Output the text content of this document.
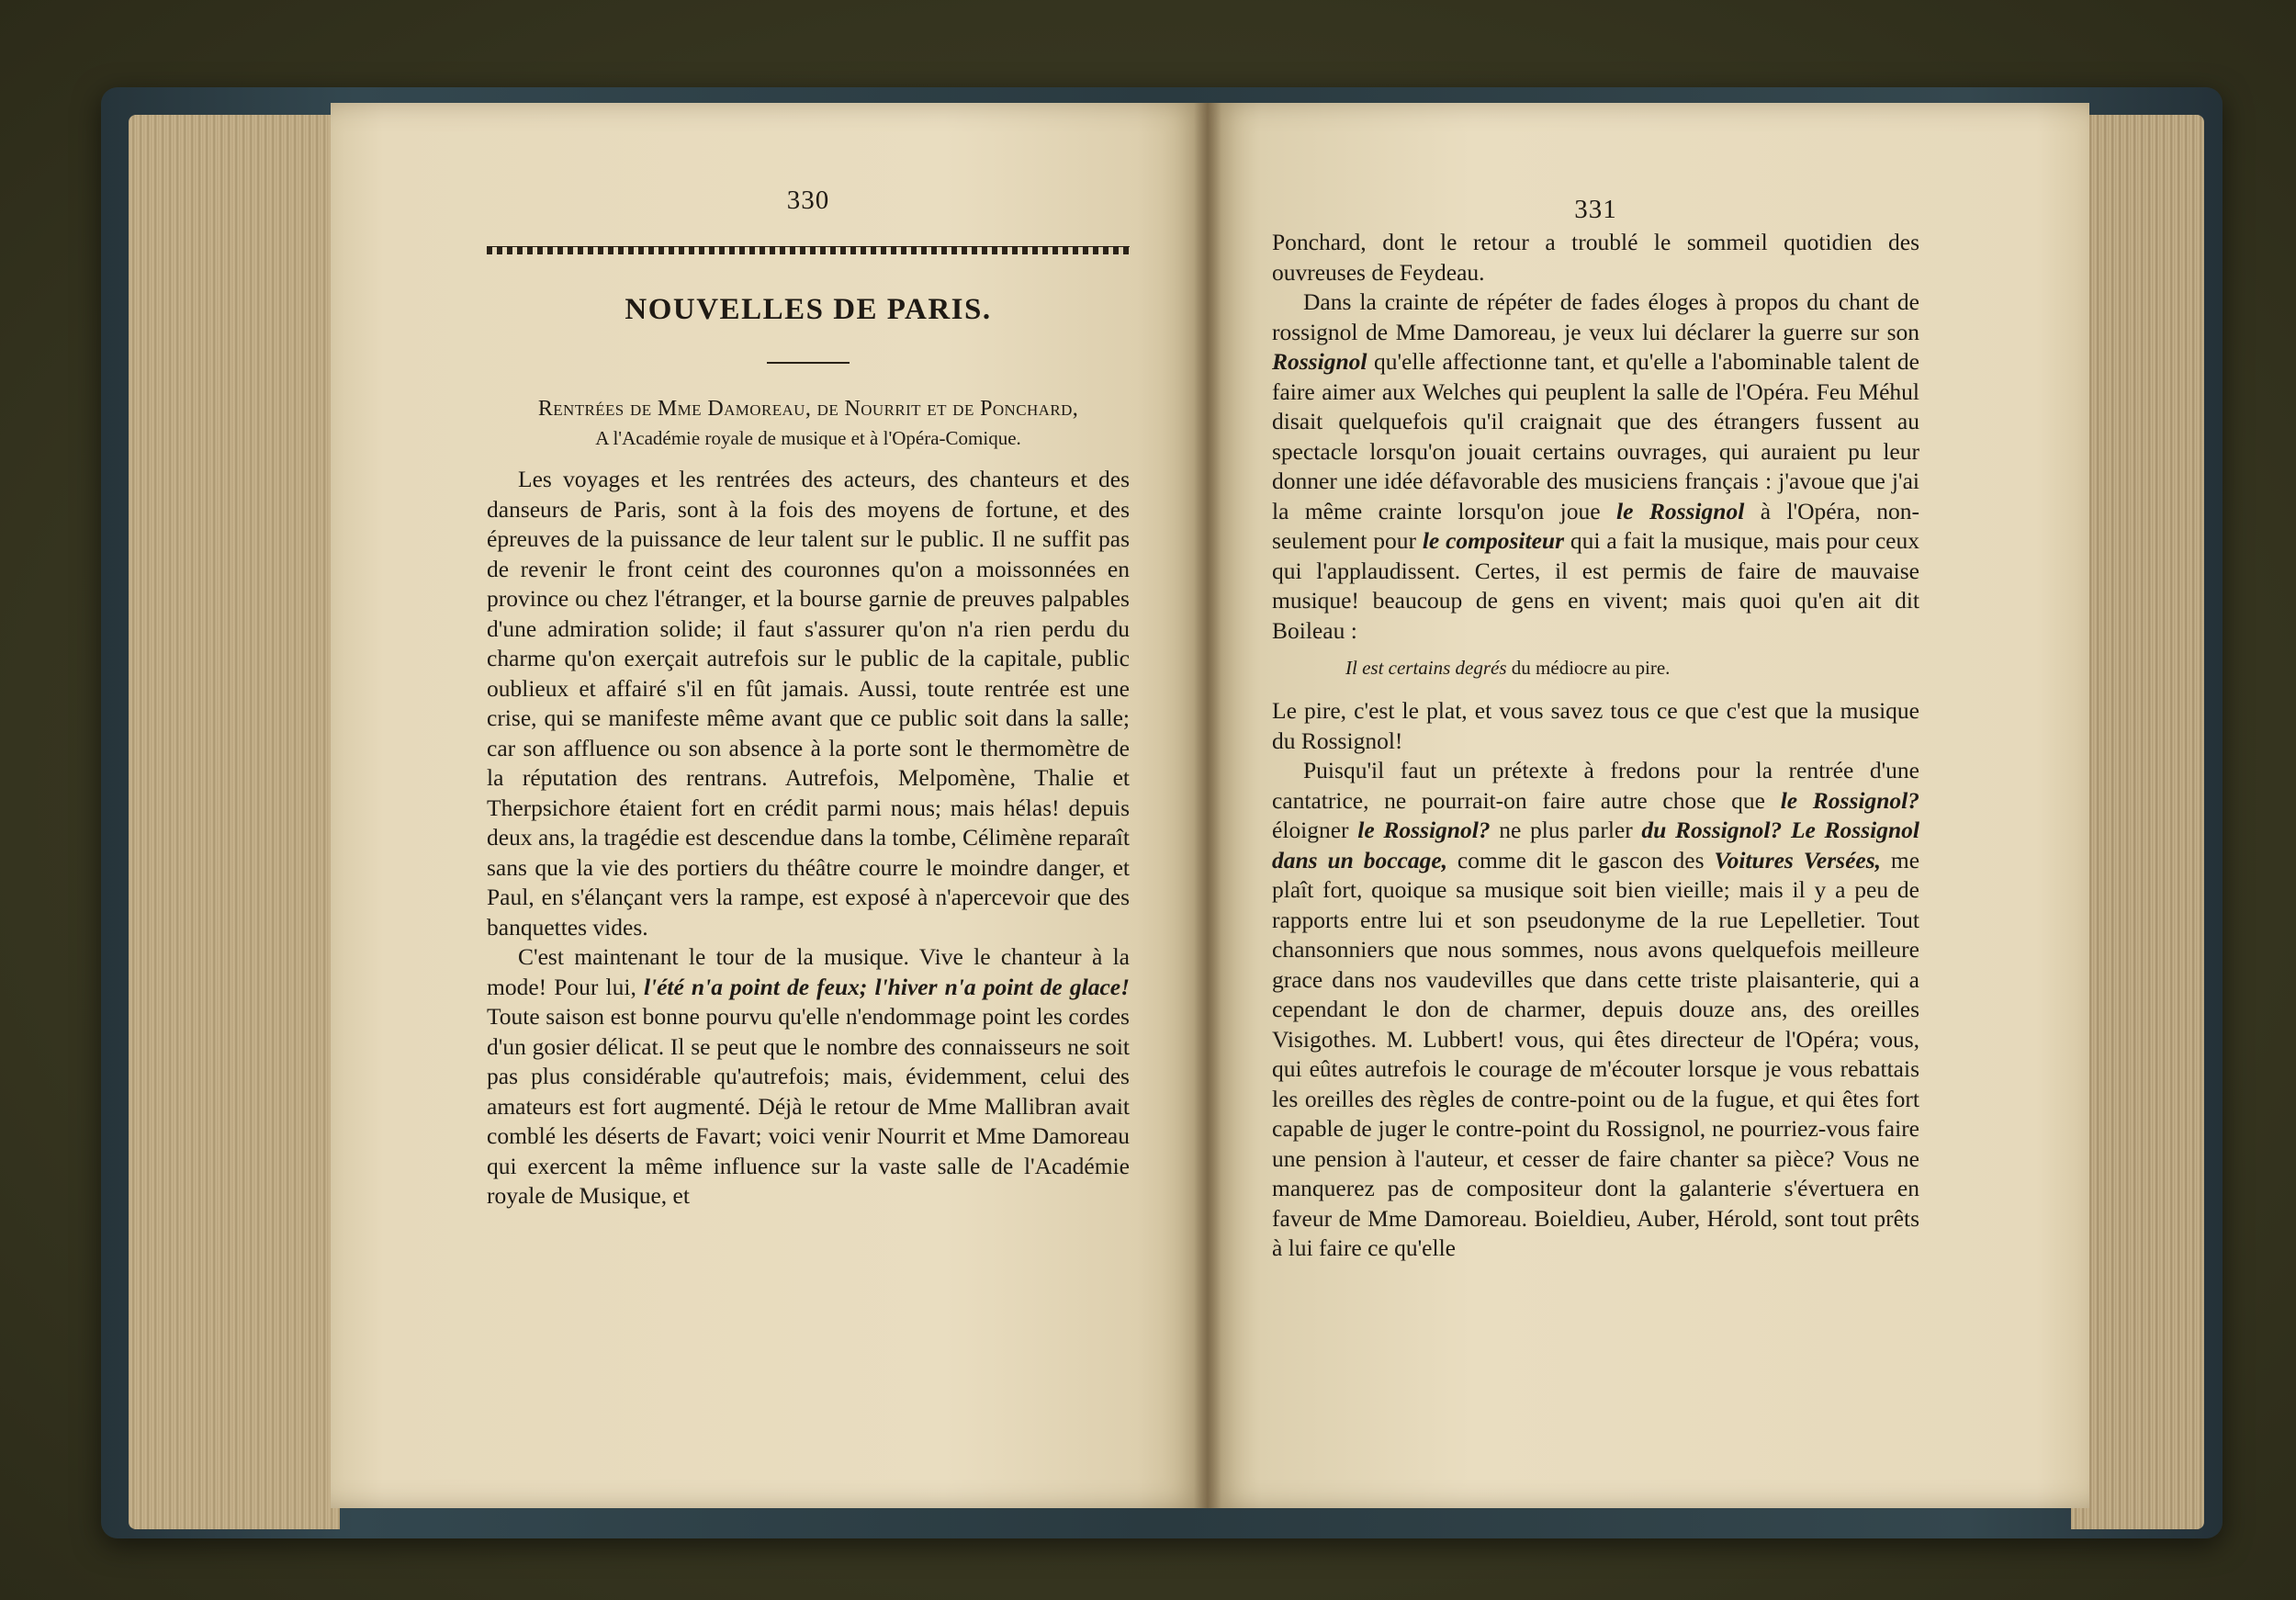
330

NOUVELLES DE PARIS.

Rentrées de Mme Damoreau, de Nourrit et de Ponchard,

A l'Académie royale de musique et à l'Opéra-Comique.

Les voyages et les rentrées des acteurs, des chanteurs et des danseurs de Paris, sont à la fois des moyens de fortune, et des épreuves de la puissance de leur talent sur le public. Il ne suffit pas de revenir le front ceint des couronnes qu'on a moissonnées en province ou chez l'étranger, et la bourse garnie de preuves palpables d'une admiration solide; il faut s'assurer qu'on n'a rien perdu du charme qu'on exerçait autrefois sur le public de la capitale, public oublieux et affairé s'il en fût jamais. Aussi, toute rentrée est une crise, qui se manifeste même avant que ce public soit dans la salle; car son affluence ou son absence à la porte sont le thermomètre de la réputation des rentrans. Autrefois, Melpomène, Thalie et Therpsichore étaient fort en crédit parmi nous; mais hélas! depuis deux ans, la tragédie est descendue dans la tombe, Célimène reparaît sans que la vie des portiers du théâtre courre le moindre danger, et Paul, en s'élançant vers la rampe, est exposé à n'apercevoir que des banquettes vides.

C'est maintenant le tour de la musique. Vive le chanteur à la mode! Pour lui, l'été n'a point de feux; l'hiver n'a point de glace! Toute saison est bonne pourvu qu'elle n'endommage point les cordes d'un gosier délicat. Il se peut que le nombre des connaisseurs ne soit pas plus considérable qu'autrefois; mais, évidemment, celui des amateurs est fort augmenté. Déjà le retour de Mme Mallibran avait comblé les déserts de Favart; voici venir Nourrit et Mme Damoreau qui exercent la même influence sur la vaste salle de l'Académie royale de Musique, et

331

Ponchard, dont le retour a troublé le sommeil quotidien des ouvreuses de Feydeau.

Dans la crainte de répéter de fades éloges à propos du chant de rossignol de Mme Damoreau, je veux lui déclarer la guerre sur son Rossignol qu'elle affectionne tant, et qu'elle a l'abominable talent de faire aimer aux Welches qui peuplent la salle de l'Opéra. Feu Méhul disait quelquefois qu'il craignait que des étrangers fussent au spectacle lorsqu'on jouait certains ouvrages, qui auraient pu leur donner une idée défavorable des musiciens français : j'avoue que j'ai la même crainte lorsqu'on joue le Rossignol à l'Opéra, non-seulement pour le compositeur qui a fait la musique, mais pour ceux qui l'applaudissent. Certes, il est permis de faire de mauvaise musique! beaucoup de gens en vivent; mais quoi qu'en ait dit Boileau :

Il est certains degrés du médiocre au pire.

Le pire, c'est le plat, et vous savez tous ce que c'est que la musique du Rossignol!

Puisqu'il faut un prétexte à fredons pour la rentrée d'une cantatrice, ne pourrait-on faire autre chose que le Rossignol? éloigner le Rossignol? ne plus parler du Rossignol? Le Rossignol dans un boccage, comme dit le gascon des Voitures Versées, me plaît fort, quoique sa musique soit bien vieille; mais il y a peu de rapports entre lui et son pseudonyme de la rue Lepelletier. Tout chansonniers que nous sommes, nous avons quelquefois meilleure grace dans nos vaudevilles que dans cette triste plaisanterie, qui a cependant le don de charmer, depuis douze ans, des oreilles Visigothes. M. Lubbert! vous, qui êtes directeur de l'Opéra; vous, qui eûtes autrefois le courage de m'écouter lorsque je vous rebattais les oreilles des règles de contre-point ou de la fugue, et qui êtes fort capable de juger le contre-point du Rossignol, ne pourriez-vous faire une pension à l'auteur, et cesser de faire chanter sa pièce? Vous ne manquerez pas de compositeur dont la galanterie s'évertuera en faveur de Mme Damoreau. Boieldieu, Auber, Hérold, sont tout prêts à lui faire ce qu'elle
